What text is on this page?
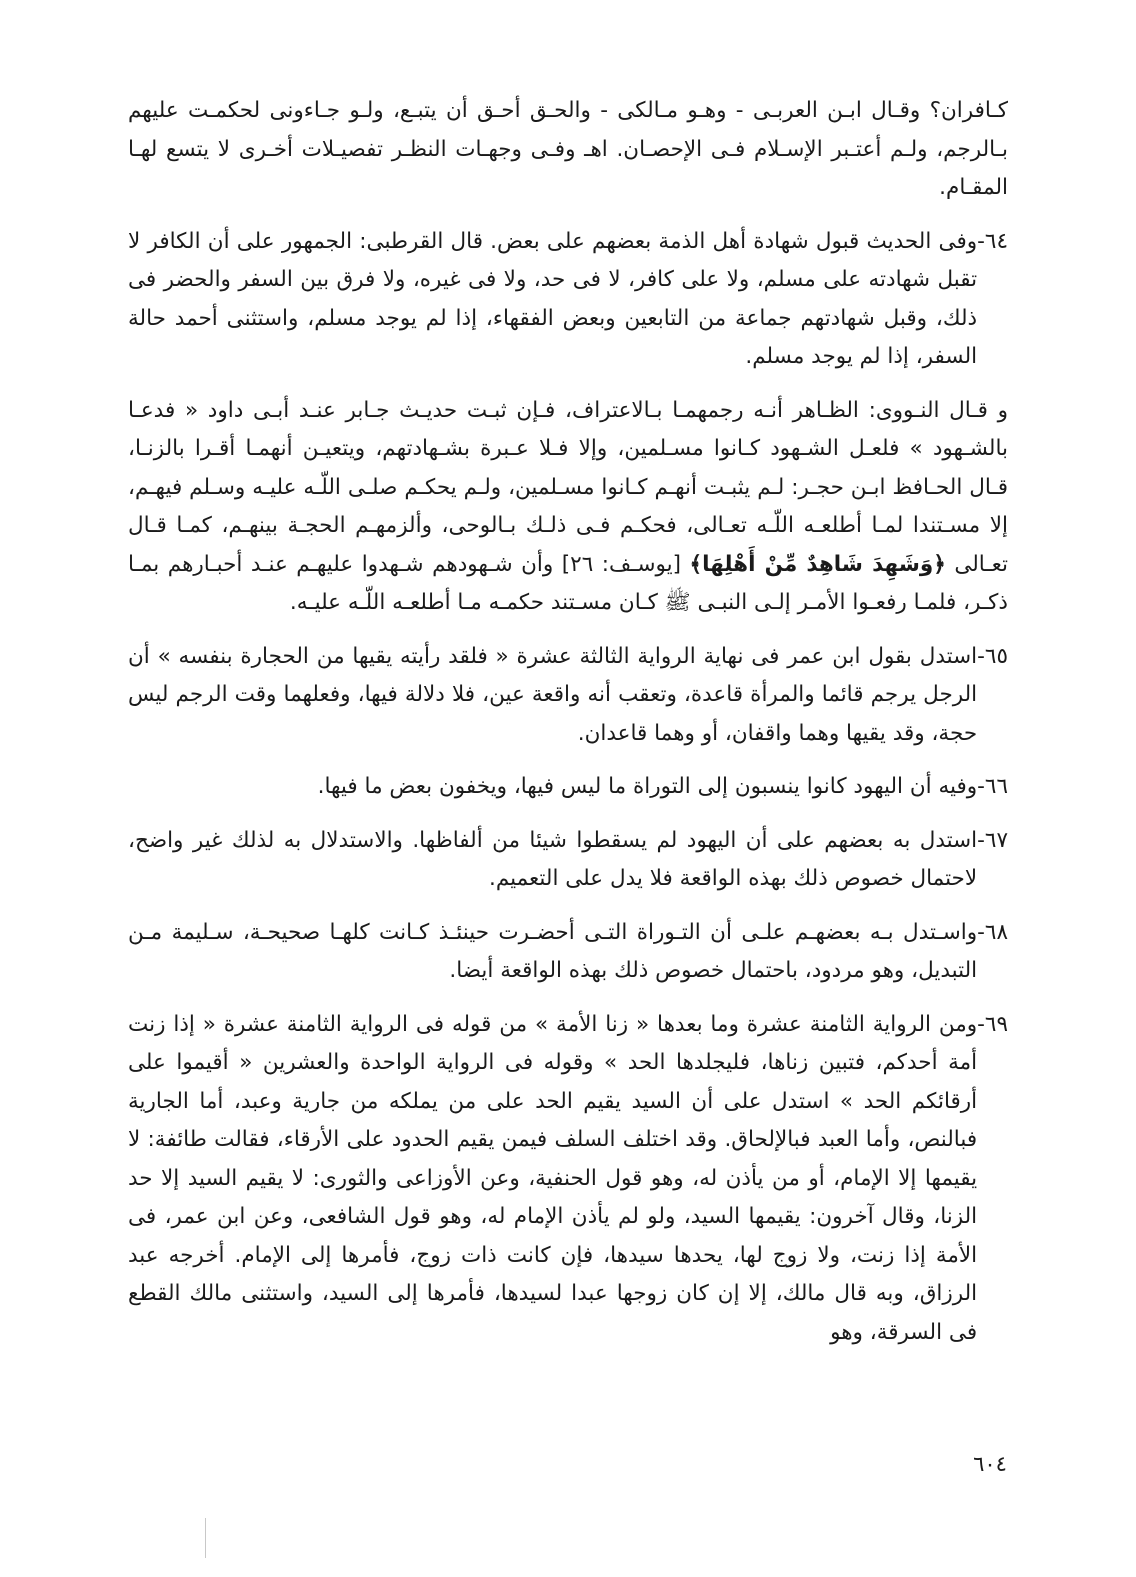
كـافران؟ وقـال ابـن العربـى - وهـو مـالكى - والحـق أحـق أن يتبـع، ولـو جـاءونى لحكمـت عليهم بـالرجم، ولـم أعتـبر الإسـلام فـى الإحصـان. اهـ وفـى وجهـات النظـر تفصيـلات أخـرى لا يتسع لهـا المقـام.

٦٤-
وفى الحديث قبول شهادة أهل الذمة بعضهم على بعض. قال القرطبى: الجمهور على أن الكافر لا تقبل شهادته على مسلم، ولا على كافر، لا فى حد، ولا فى غيره، ولا فرق بين السفر والحضر فى ذلك، وقبل شهادتهم جماعة من التابعين وبعض الفقهاء، إذا لم يوجد مسلم، واستثنى أحمد حالة السفر، إذا لم يوجد مسلم.

و قـال النـووى: الظـاهر أنـه رجمهمـا بـالاعتراف، فـإن ثبـت حديـث جـابر عنـد أبـى داود « فدعـا بالشـهود » فلعـل الشـهود كـانوا مسـلمين، وإلا فـلا عـبرة بشـهادتهم، ويتعيـن أنهمـا أقـرا بالزنـا، قـال الحـافظ ابـن حجـر: لـم يثبـت أنهـم كـانوا مسـلمين، ولـم يحكـم صلـى اللّـه عليـه وسـلم فيهـم، إلا مسـتندا لمـا أطلعـه اللّـه تعـالى، فحكـم فـى ذلـك بـالوحى، وألزمهـم الحجـة بينهـم، كمـا قـال تعـالى ﴿وَشَهِدَ شَاهِدٌ مِّنْ أَهْلِهَا﴾ [يوسـف: ٢٦] وأن شـهودهم شـهدوا عليهـم عنـد أحبـارهم بمـا ذكـر، فلمـا رفعـوا الأمـر إلـى النبـى ﷺ كـان مسـتند حكمـه مـا أطلعـه اللّـه عليـه.

٦٥-
استدل بقول ابن عمر فى نهاية الرواية الثالثة عشرة « فلقد رأيته يقيها من الحجارة بنفسه » أن الرجل يرجم قائما والمرأة قاعدة، وتعقب أنه واقعة عين، فلا دلالة فيها، وفعلهما وقت الرجم ليس حجة، وقد يقيها وهما واقفان، أو وهما قاعدان.
٦٦-
وفيه أن اليهود كانوا ينسبون إلى التوراة ما ليس فيها، ويخفون بعض ما فيها.
٦٧-
استدل به بعضهم على أن اليهود لم يسقطوا شيئا من ألفاظها. والاستدلال به لذلك غير واضح، لاحتمال خصوص ذلك بهذه الواقعة فلا يدل على التعميم.
٦٨-
واسـتدل بـه بعضهـم علـى أن التـوراة التـى أحضـرت حينئـذ كـانت كلهـا صحيحـة، سـليمة مـن التبديل، وهو مردود، باحتمال خصوص ذلك بهذه الواقعة أيضا.
٦٩-
ومن الرواية الثامنة عشرة وما بعدها « زنا الأمة » من قوله فى الرواية الثامنة عشرة « إذا زنت أمة أحدكم، فتبين زناها، فليجلدها الحد » وقوله فى الرواية الواحدة والعشرين « أقيموا على أرقائكم الحد » استدل على أن السيد يقيم الحد على من يملكه من جارية وعبد، أما الجارية فبالنص، وأما العبد فبالإلحاق. وقد اختلف السلف فيمن يقيم الحدود على الأرقاء، فقالت طائفة: لا يقيمها إلا الإمام، أو من يأذن له، وهو قول الحنفية، وعن الأوزاعى والثورى: لا يقيم السيد إلا حد الزنا، وقال آخرون: يقيمها السيد، ولو لم يأذن الإمام له، وهو قول الشافعى، وعن ابن عمر، فى الأمة إذا زنت، ولا زوج لها، يحدها سيدها، فإن كانت ذات زوج، فأمرها إلى الإمام. أخرجه عبد الرزاق، وبه قال مالك، إلا إن كان زوجها عبدا لسيدها، فأمرها إلى السيد، واستثنى مالك القطع فى السرقة، وهو
٦٠٤
